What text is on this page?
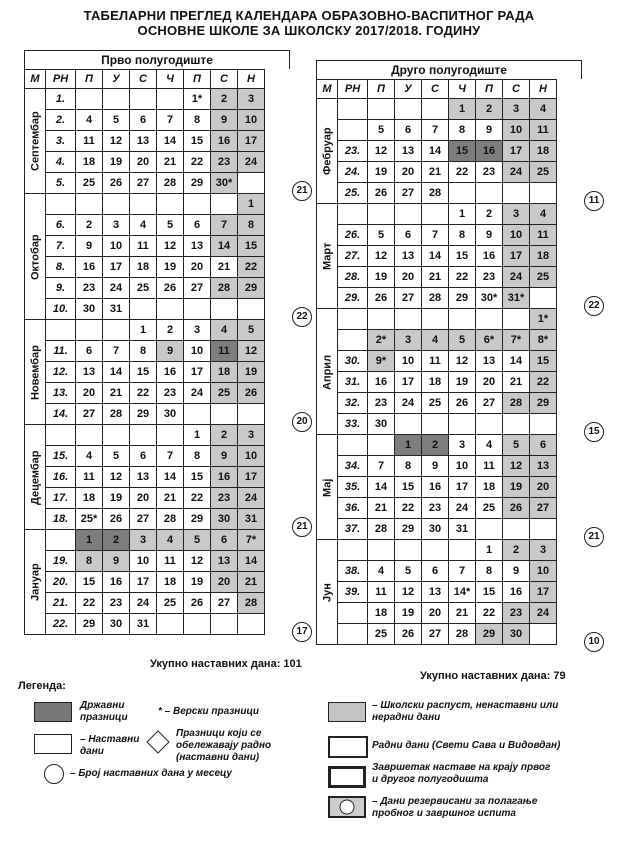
ТАБЕЛАРНИ ПРЕГЛЕД КАЛЕНДАРА ОБРАЗОВНО-ВАСПИТНОГ РАДА
ОСНОВНЕ ШКОЛЕ ЗА ШКОЛСКУ 2017/2018. ГОДИНУ
Прво полугодиште
М	РН	П	У	С	Ч	П	С	Н
Септембар	1.					1*	2	3
	2.	4	5	6	7	8	9	10
	3.	11	12	13	14	15	16	17
	4.	18	19	20	21	22	23	24
	5.	25	26	27	28	29	30*	
Октобар								1
	6.	2	3	4	5	6	7	8
	7.	9	10	11	12	13	14	15
	8.	16	17	18	19	20	21	22
	9.	23	24	25	26	27	28	29
	10.	30	31					
Новембар				1	2	3	4	5
	11.	6	7	8	9	10	11	12
	12.	13	14	15	16	17	18	19
	13.	20	21	22	23	24	25	26
	14.	27	28	29	30			
Децембар						1	2	3
	15.	4	5	6	7	8	9	10
	16.	11	12	13	14	15	16	17
	17.	18	19	20	21	22	23	24
	18.	25*	26	27	28	29	30	31
Јануар		1	2	3	4	5	6	7*
	19.	8	9	10	11	12	13	14
	20.	15	16	17	18	19	20	21
	21.	22	23	24	25	26	27	28
	22.	29	30	31				
Друго полугодиште
М	РН	П	У	С	Ч	П	С	Н
Фебруар					1	2	3	4
		5	6	7	8	9	10	11
	23.	12	13	14	15	16	17	18
	24.	19	20	21	22	23	24	25
	25.	26	27	28				
Март					1	2	3	4
	26.	5	6	7	8	9	10	11
	27.	12	13	14	15	16	17	18
	28.	19	20	21	22	23	24	25
	29.	26	27	28	29	30*	31*	
Април								1*
		2*	3	4	5	6*	7*	8*
	30.	9*	10	11	12	13	14	15
	31.	16	17	18	19	20	21	22
	32.	23	24	25	26	27	28	29
	33.	30						
Мај			1	2	3	4	5	6
	34.	7	8	9	10	11	12	13
	35.	14	15	16	17	18	19	20
	36.	21	22	23	24	25	26	27
	37.	28	29	30	31			
Јун						1	2	3
	38.	4	5	6	7	8	9	10
	39.	11	12	13	14*	15	16	17
		18	19	20	21	22	23	24
		25	26	27	28	29	30	
Укупно наставних дана: 101
Укупно наставних дана: 79
Легенда:
Државни празници
* – Верски празници
– Школски распуст, ненаставни или нерадни дани
– Наставни дани
Празници који се обележавају радно (наставни дани)
Радни дани (Свети Сава и Видовдан)
– Број наставних дана у месецу
Завршетак наставе на крају првог и другог полугодишта
– Дани резервисани за полагање пробног и завршног испита
21
22
20
21
17
11
22
15
21
10
